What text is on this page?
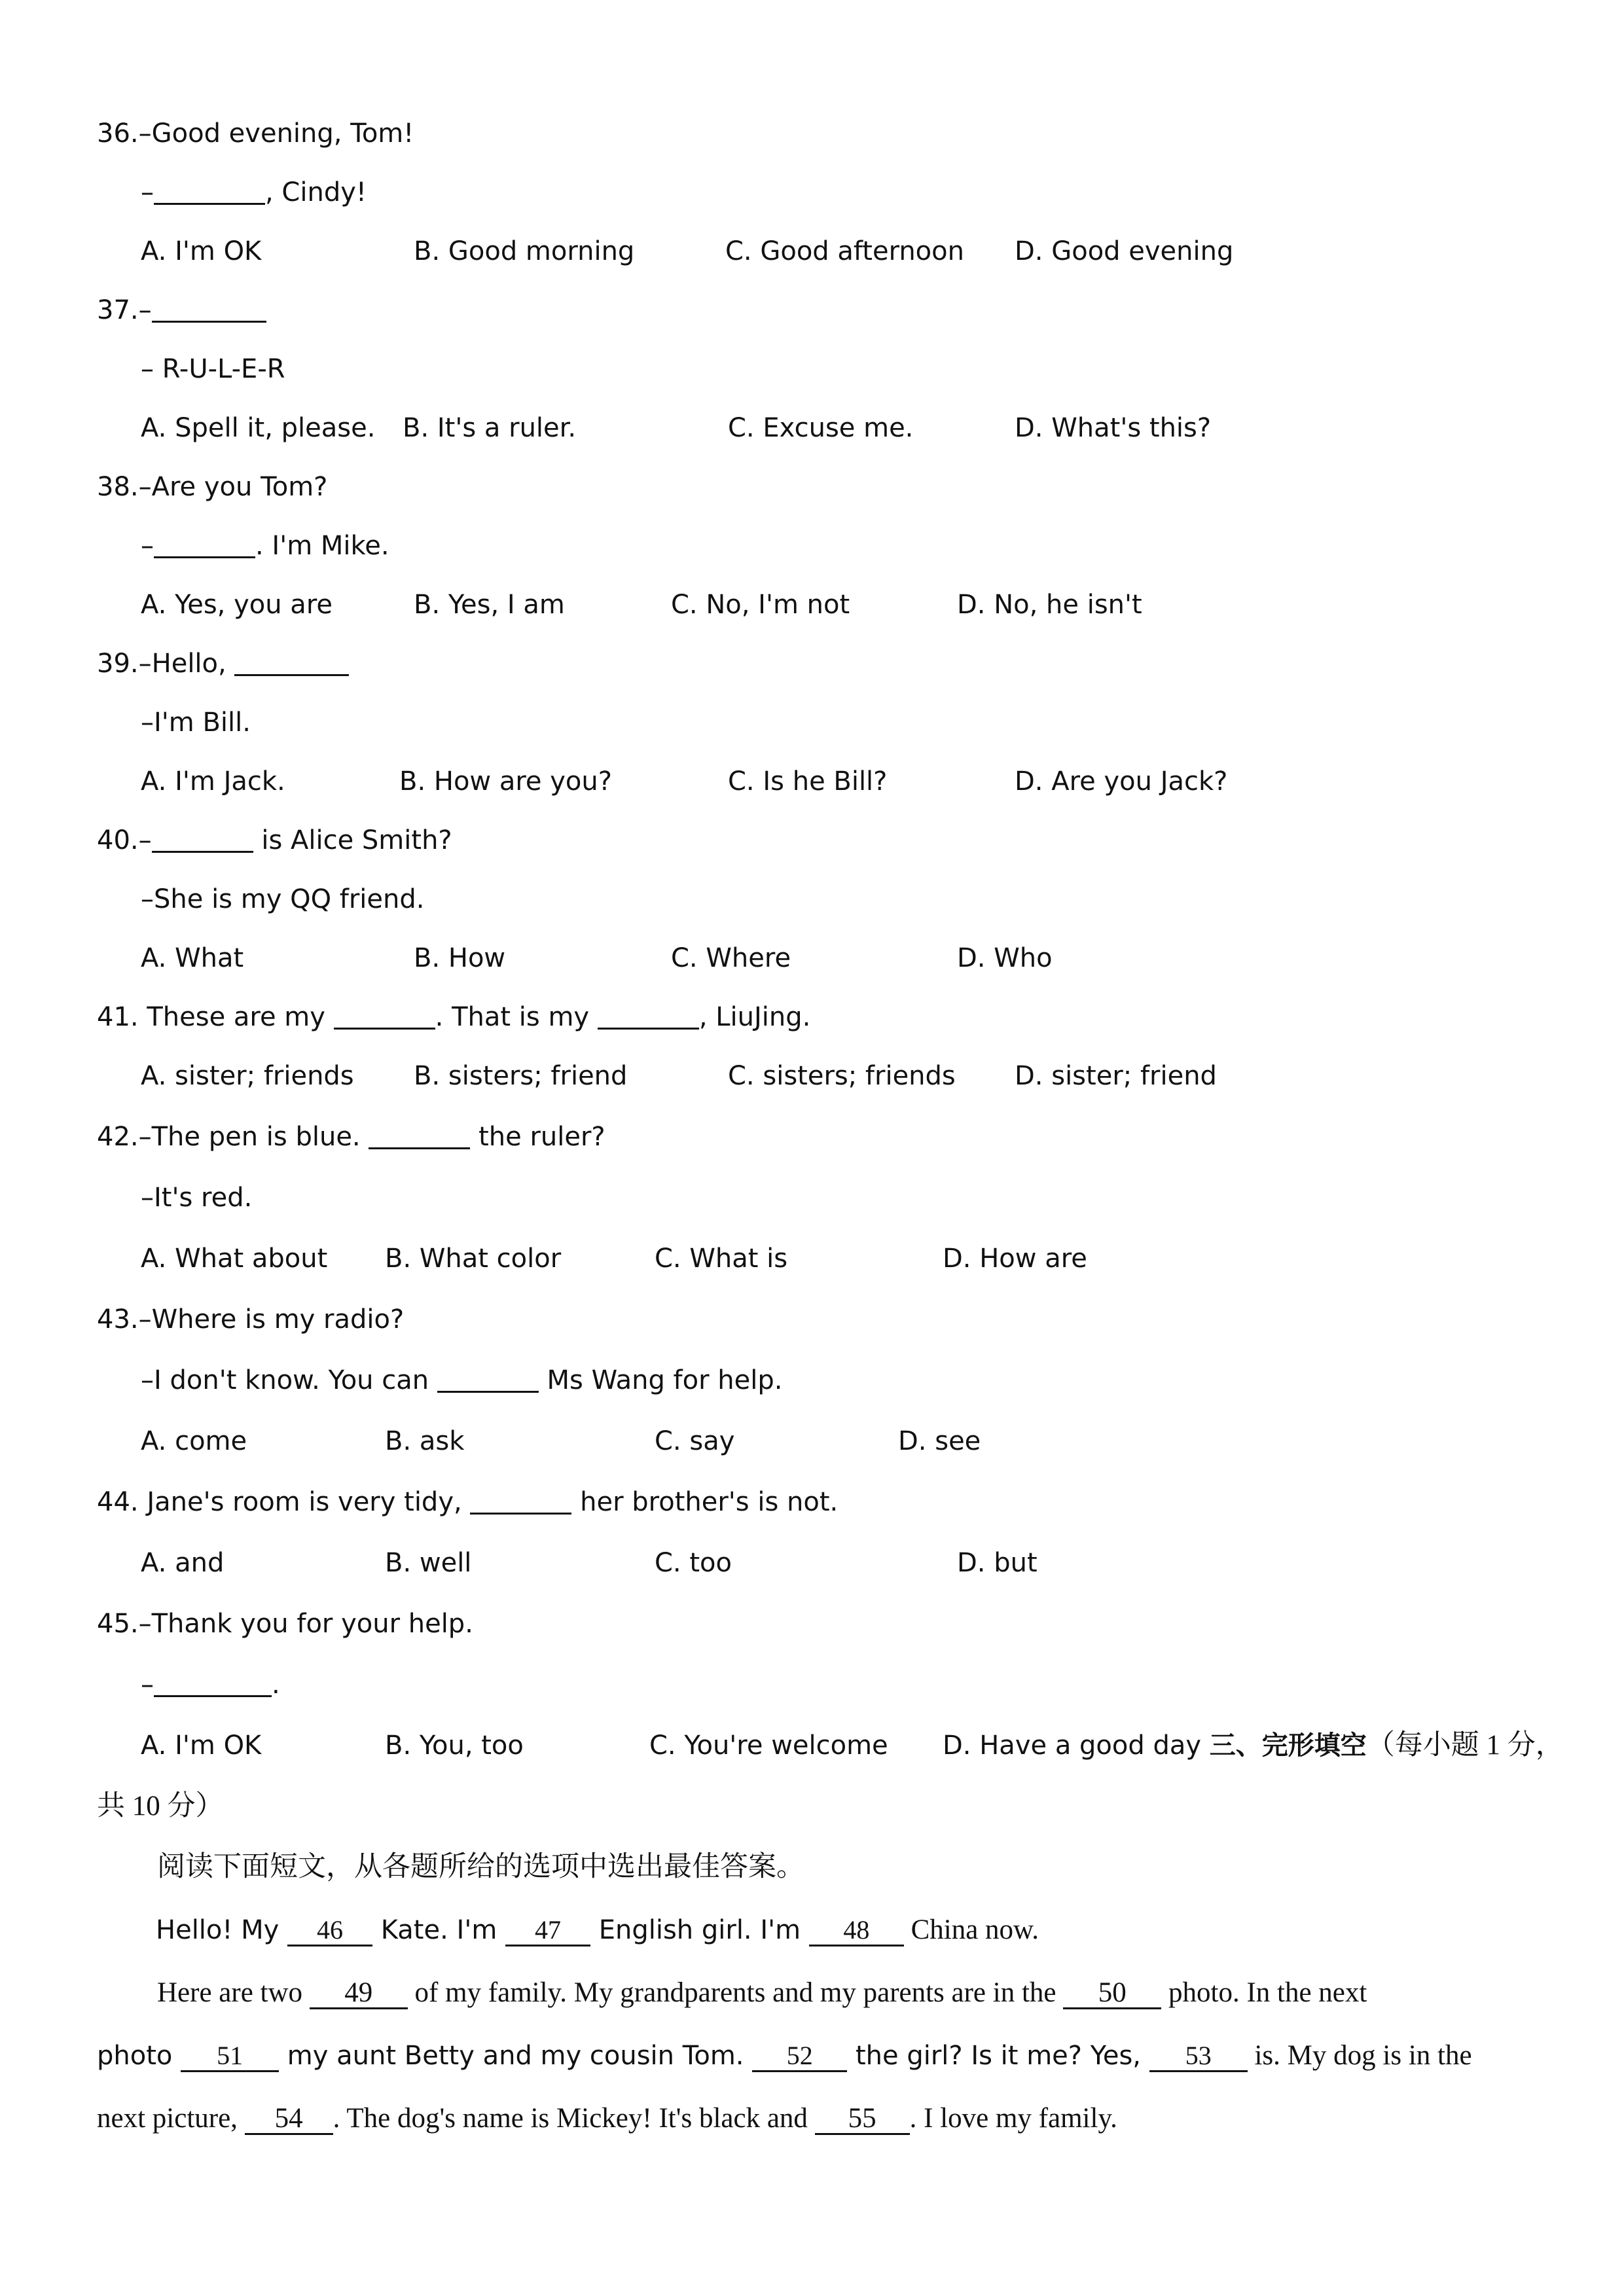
36.–Good evening, Tom!
–	, Cindy!
A. I'm OK	B. Good morning	C. Good afternoon D. Good evening
37.–
– R-U-L-E-R
A. Spell it, please. B. It's a ruler.	C. Excuse me.	D. What's this?
38.–Are you Tom?
–	. I'm Mike.
A. Yes, you are	B. Yes, I am	C. No, I'm not	D. No, he isn't
39.–Hello,
–I'm Bill.
A. I'm Jack.	B. How are you?	C. Is he Bill?	D. Are you Jack?
40.–	is Alice Smith?
–She is my QQ friend.
A. What	B. How	C. Where	D. Who
41. These are my	. That is my	, LiuJing.
A. sister; friends B. sisters; friend	C. sisters; friends D. sister; friend
42.–The pen is blue.	the ruler?
–It's red.
A. What about B. What color	C. What is	D. How are
43.–Where is my radio?
–I don't know. You can	Ms Wang for help.
A. come	B. ask	C. say	D. see
44. Jane's room is very tidy,	her brother's is not.
A. and	B. well	C. too	D. but
45.–Thank you for your help.
–	.
A. I'm OK	B. You, too	C. You're welcome D. Have a good day 三、完形填空（每小题 1 分，
共 10 分）
阅读下面短文，从各题所给的选项中选出最佳答案。
Hello! My 46 Kate. I'm 47 English girl. I'm 48 China now.
Here are two 49 of my family. My grandparents and my parents are in the 50 photo. In the next
photo 51 my aunt Betty and my cousin Tom. 52 the girl? Is it me? Yes, 53 is. My dog is in the
next picture, 54 . The dog's name is Mickey! It's black and 55 . I love my family.
